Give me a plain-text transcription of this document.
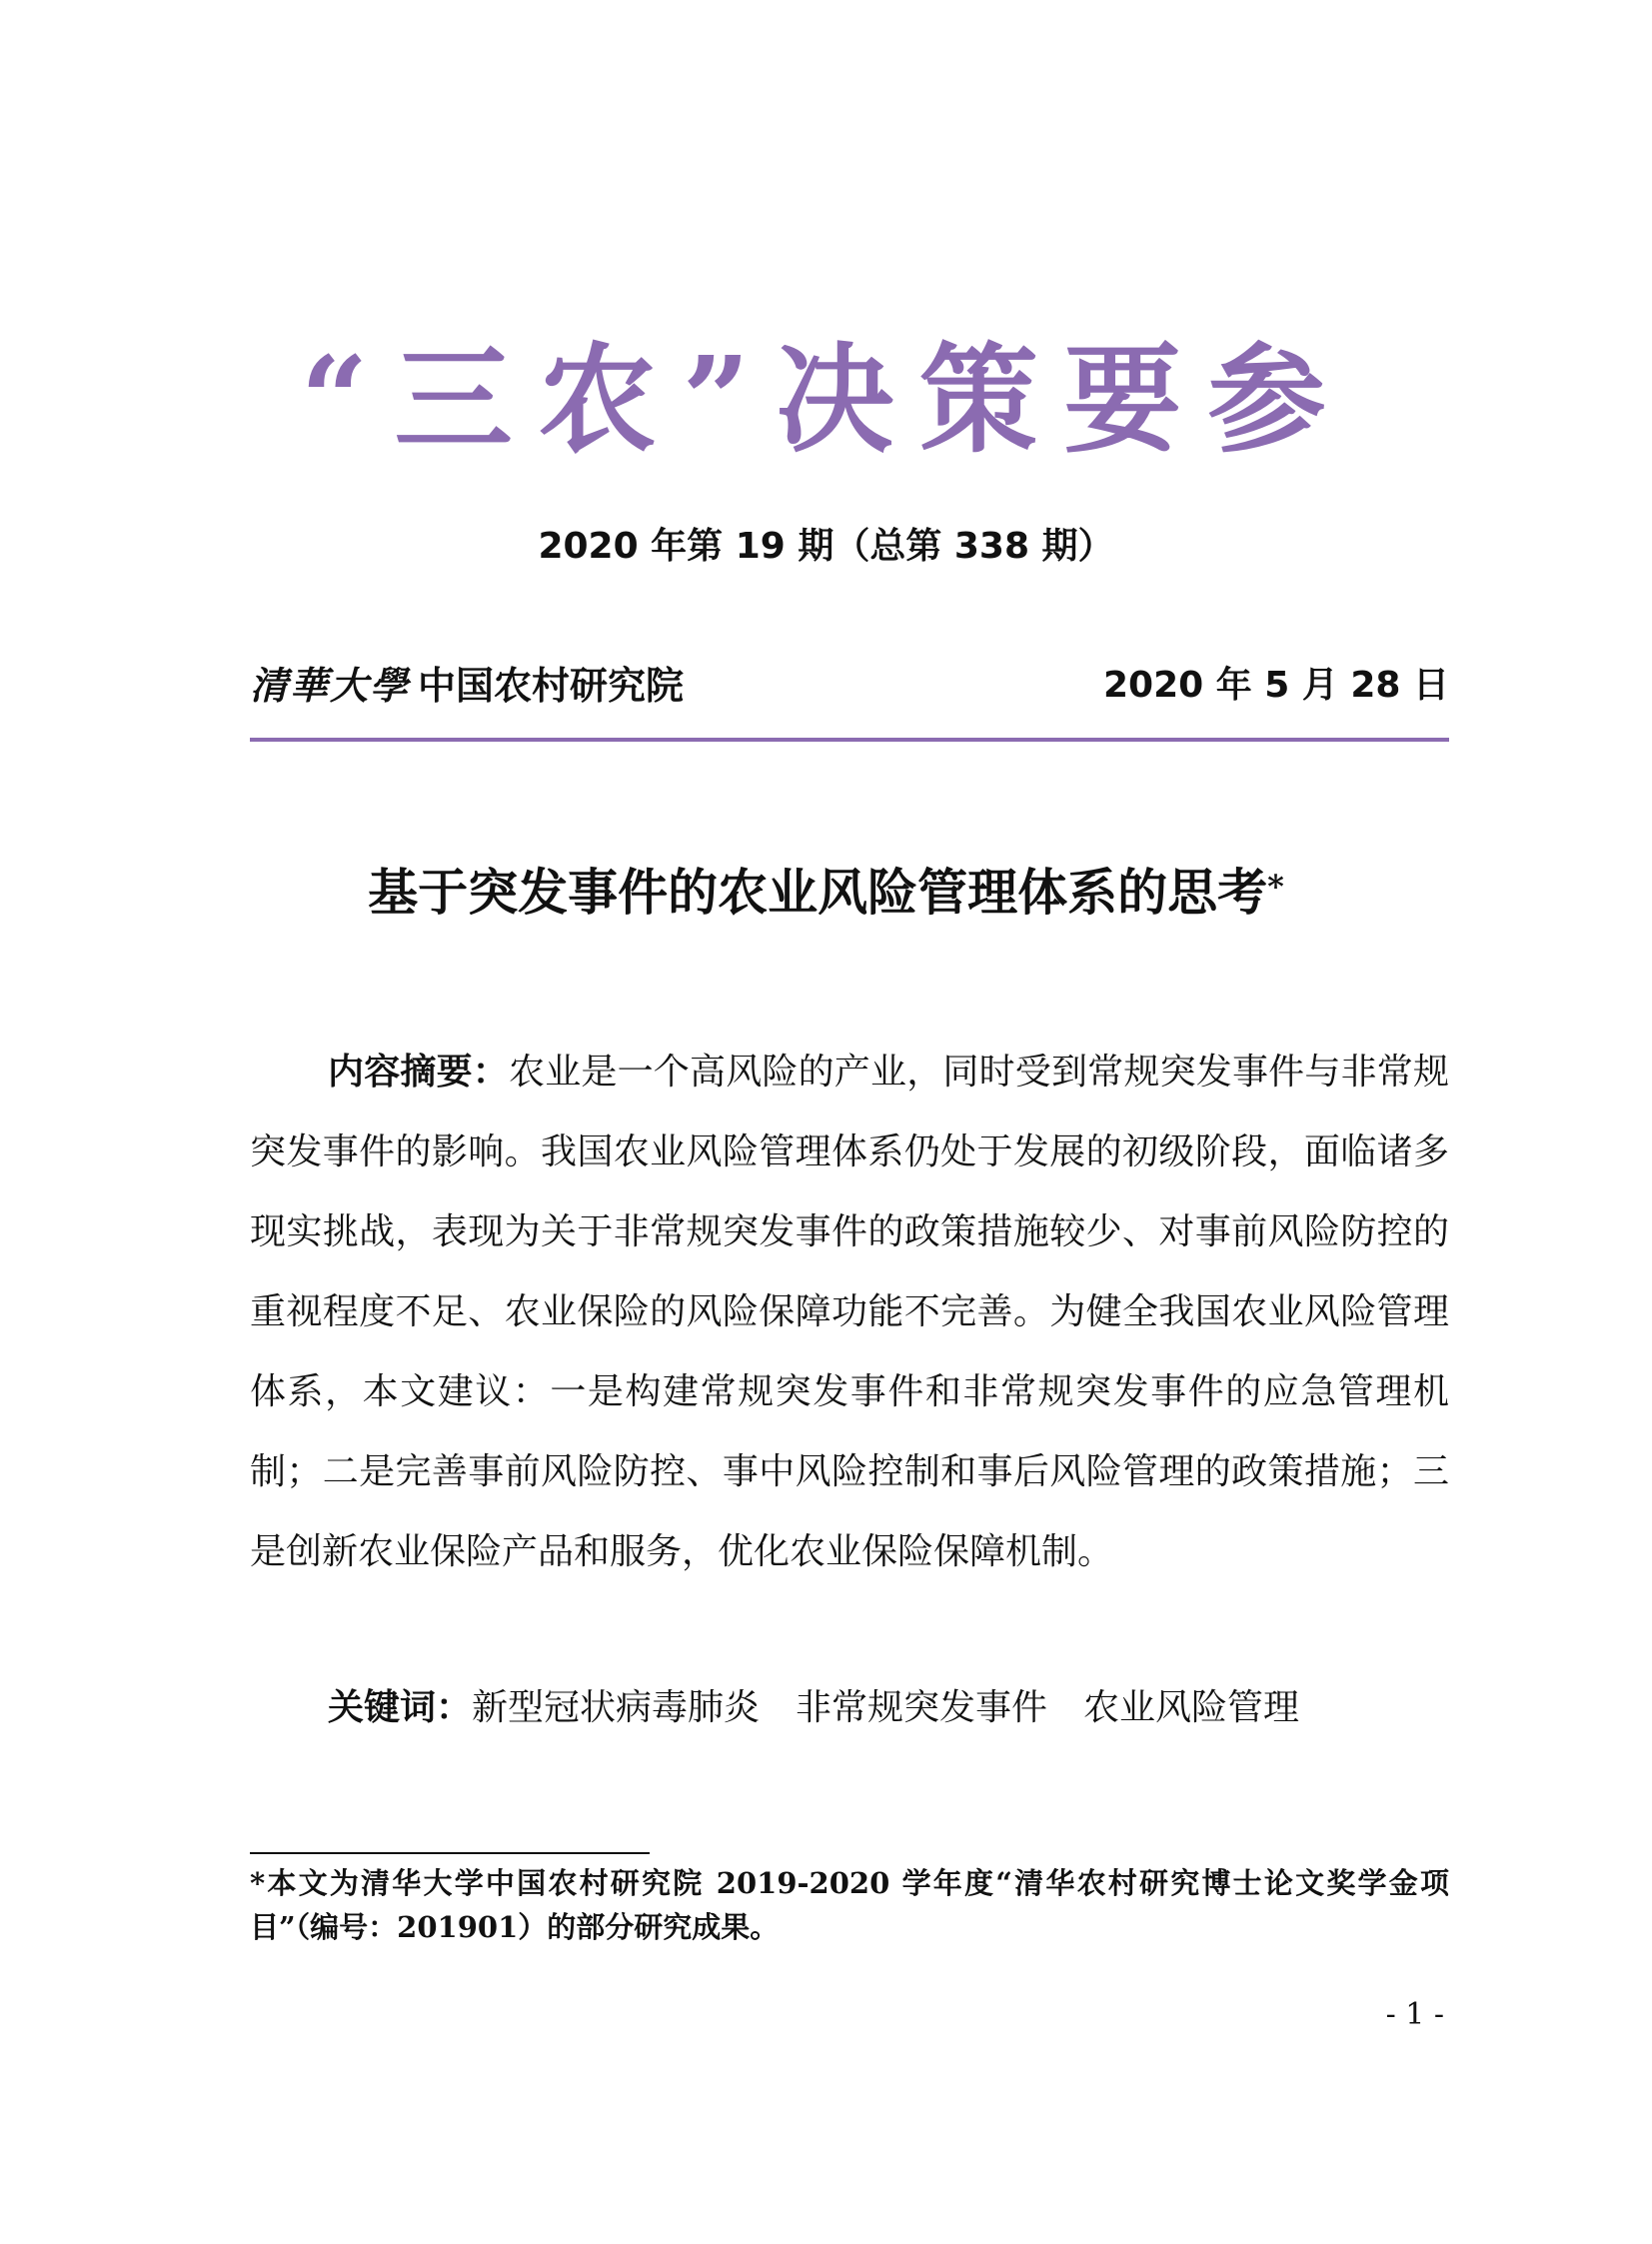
“三农”决策要参
2020 年第 19 期（总第 338 期）
清華大學 中国农村研究院	2020 年 5 月 28 日
基于突发事件的农业风险管理体系的思考*

内容摘要：农业是一个高风险的产业，同时受到常规突发事件与非常规突发事件的影响。我国农业风险管理体系仍处于发展的初级阶段，面临诸多现实挑战，表现为关于非常规突发事件的政策措施较少、对事前风险防控的重视程度不足、农业保险的风险保障功能不完善。为健全我国农业风险管理体系，本文建议：一是构建常规突发事件和非常规突发事件的应急管理机制；二是完善事前风险防控、事中风险控制和事后风险管理的政策措施；三是创新农业保险产品和服务，优化农业保险保障机制。

关键词：新型冠状病毒肺炎 非常规突发事件 农业风险管理

*本文为清华大学中国农村研究院 2019-2020 学年度“清华农村研究博士论文奖学金项目”（编号：201901）的部分研究成果。

- 1 -
